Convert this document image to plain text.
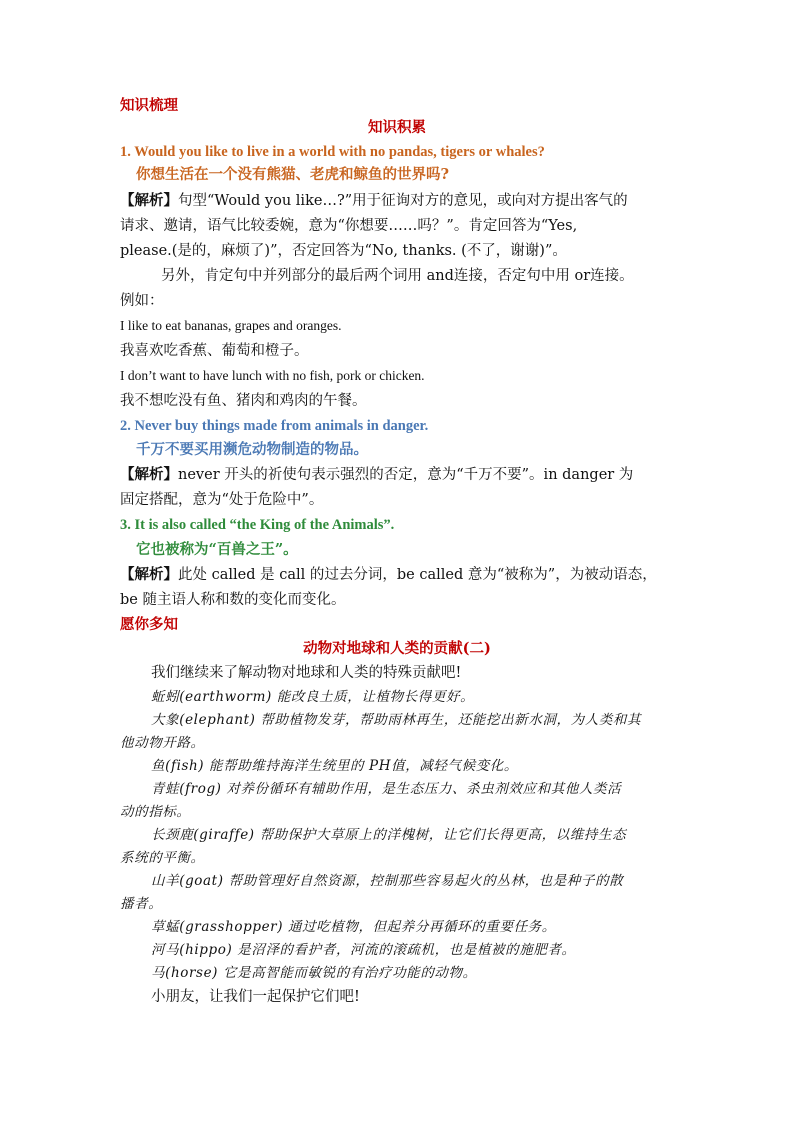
知识梳理
知识积累
1. Would you like to live in a world with no pandas, tigers or whales?
你想生活在一个没有熊猫、老虎和鲸鱼的世界吗?
【解析】句型“Would you like…?”用于征询对方的意见，或向对方提出客气的
请求、邀请，语气比较委婉，意为“你想要……吗？”。肯定回答为“Yes,
please.(是的，麻烦了)”，否定回答为“No, thanks. (不了，谢谢)”。
另外，肯定句中并列部分的最后两个词用 and连接，否定句中用 or连接。
例如：
I like to eat bananas, grapes and oranges.
我喜欢吃香蕉、葡萄和橙子。
I don’t want to have lunch with no fish, pork or chicken.
我不想吃没有鱼、猪肉和鸡肉的午餐。
2. Never buy things made from animals in danger.
千万不要买用濒危动物制造的物品。
【解析】never 开头的祈使句表示强烈的否定，意为“千万不要”。in danger 为
固定搭配，意为“处于危险中”。
3. It is also called “the King of the Animals”.
它也被称为“百兽之王”。
【解析】此处 called 是 call 的过去分词，be called 意为“被称为”，为被动语态，
be 随主语人称和数的变化而变化。
愿你多知
动物对地球和人类的贡献(二)
我们继续来了解动物对地球和人类的特殊贡献吧!
蚯蚓(earthworm) 能改良土质，让植物长得更好。
大象(elephant) 帮助植物发芽，帮助雨林再生，还能挖出新水洞，为人类和其
他动物开路。
鱼(fish) 能帮助维持海洋生统里的 PH值，减轻气候变化。
青蛙(frog) 对养份循环有辅助作用，是生态压力、杀虫剂效应和其他人类活
动的指标。
长颈鹿(giraffe) 帮助保护大草原上的洋槐树，让它们长得更高，以维持生态
系统的平衡。
山羊(goat) 帮助管理好自然资源，控制那些容易起火的丛林，也是种子的散
播者。
草蜢(grasshopper) 通过吃植物，但起养分再循环的重要任务。
河马(hippo) 是沼泽的看护者，河流的滚疏机，也是植被的施肥者。
马(horse) 它是高智能而敏锐的有治疗功能的动物。
小朋友，让我们一起保护它们吧!
